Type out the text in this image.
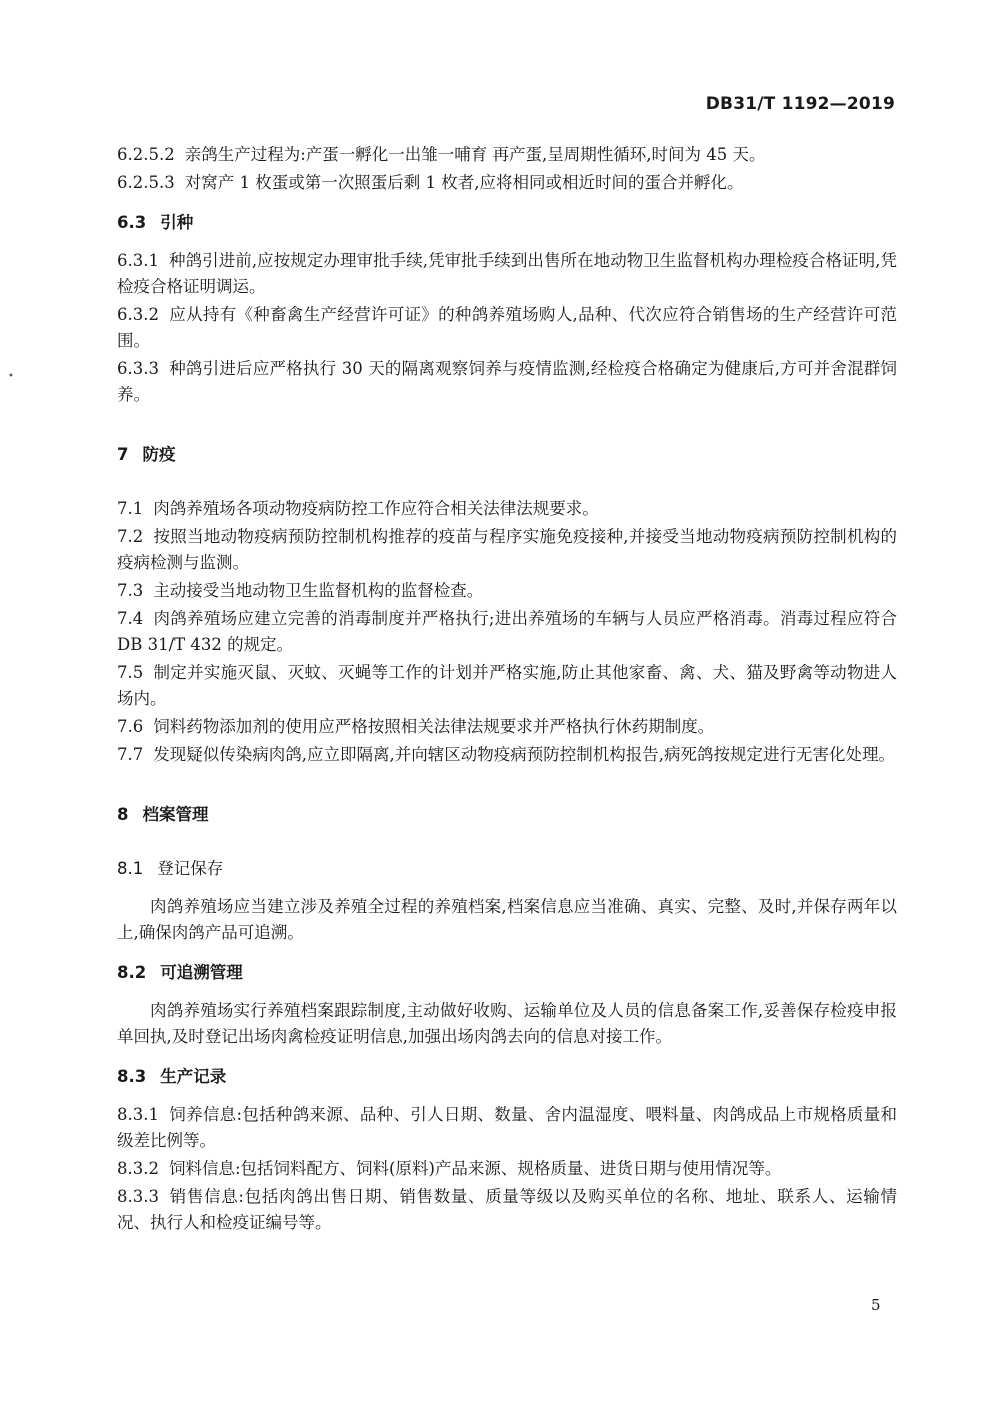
DB31/T 1192—2019
•

6.2.5.2 亲鸽生产过程为:产蛋一孵化一出雏一哺育 再产蛋,呈周期性循环,时间为 45 天。

6.2.5.3 对窝产 1 枚蛋或第一次照蛋后剩 1 枚者,应将相同或相近时间的蛋合并孵化。

6.3 引种

6.3.1 种鸽引进前,应按规定办理审批手续,凭审批手续到出售所在地动物卫生监督机构办理检疫合格证明,凭检疫合格证明调运。

6.3.2 应从持有《种畜禽生产经营许可证》的种鸽养殖场购人,品种、代次应符合销售场的生产经营许可范围。

6.3.3 种鸽引进后应严格执行 30 天的隔离观察饲养与疫情监测,经检疫合格确定为健康后,方可并舍混群饲养。

7 防疫

7.1 肉鸽养殖场各项动物疫病防控工作应符合相关法律法规要求。

7.2 按照当地动物疫病预防控制机构推荐的疫苗与程序实施免疫接种,并接受当地动物疫病预防控制机构的疫病检测与监测。

7.3 主动接受当地动物卫生监督机构的监督检查。

7.4 肉鸽养殖场应建立完善的消毒制度并严格执行;进出养殖场的车辆与人员应严格消毒。消毒过程应符合 DB 31/T 432 的规定。

7.5 制定并实施灭鼠、灭蚊、灭蝇等工作的计划并严格实施,防止其他家畜、禽、犬、猫及野禽等动物进人场内。

7.6 饲料药物添加剂的使用应严格按照相关法律法规要求并严格执行休药期制度。

7.7 发现疑似传染病肉鸽,应立即隔离,并向辖区动物疫病预防控制机构报告,病死鸽按规定进行无害化处理。

8 档案管理
8.1 登记保存

肉鸽养殖场应当建立涉及养殖全过程的养殖档案,档案信息应当准确、真实、完整、及时,并保存两年以上,确保肉鸽产品可追溯。

8.2 可追溯管理

肉鸽养殖场实行养殖档案跟踪制度,主动做好收购、运输单位及人员的信息备案工作,妥善保存检疫申报单回执,及时登记出场肉禽检疫证明信息,加强出场肉鸽去向的信息对接工作。

8.3 生产记录

8.3.1 饲养信息:包括种鸽来源、品种、引人日期、数量、舍内温湿度、喂料量、肉鸽成品上市规格质量和级差比例等。

8.3.2 饲料信息:包括饲料配方、饲料(原料)产品来源、规格质量、进货日期与使用情况等。

8.3.3 销售信息:包括肉鸽出售日期、销售数量、质量等级以及购买单位的名称、地址、联系人、运输情况、执行人和检疫证编号等。

5
